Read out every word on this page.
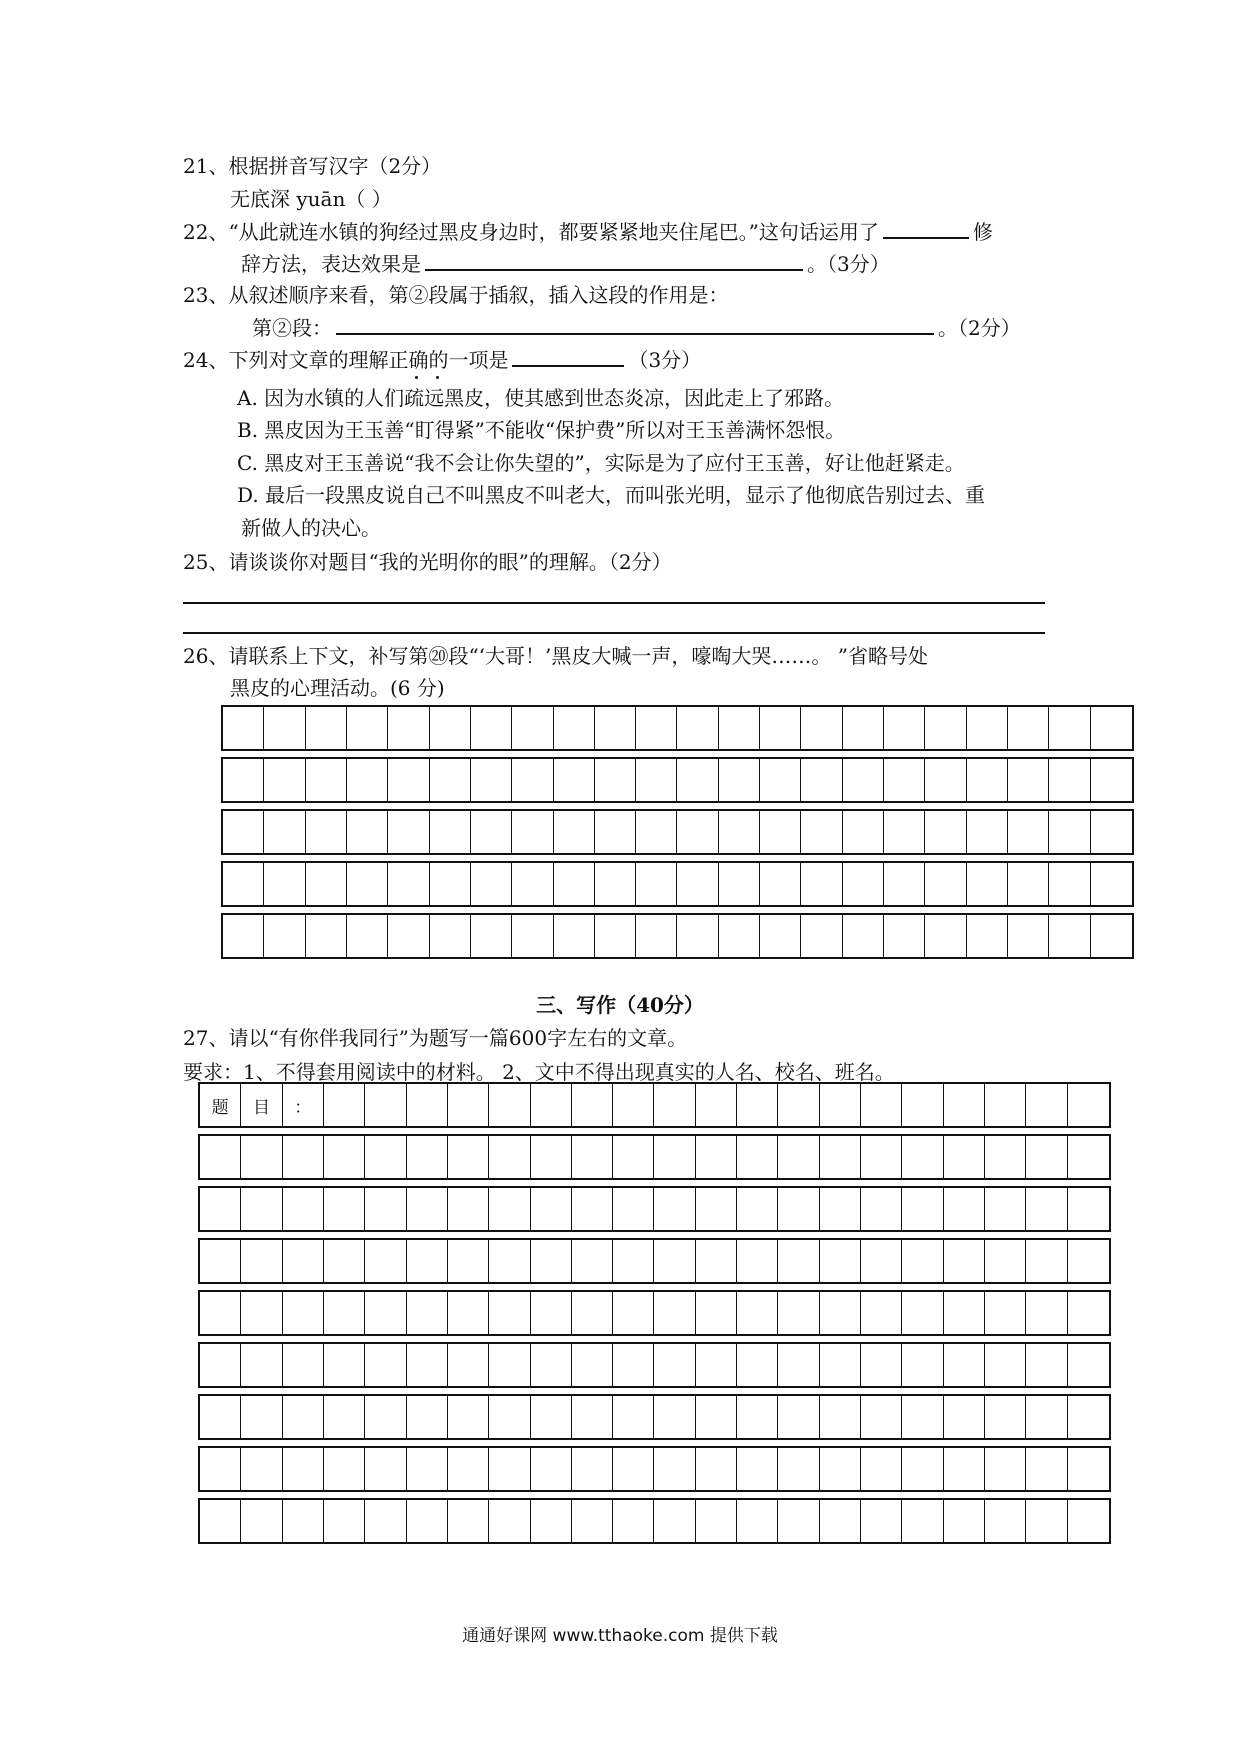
21、根据拼音写汉字（2分）
无底深 yuān（ ）
22、“从此就连水镇的狗经过黑皮身边时，都要紧紧地夹住尾巴。”这句话运用了	修
辞方法，表达效果是	。（3分）
23、从叙述顺序来看，第②段属于插叙，插入这段的作用是：
第②段：	。（2分）
24、下列对文章的理解正确的一项是	（3分）
A. 因为水镇的人们疏远黑皮，使其感到世态炎凉，因此走上了邪路。
B. 黑皮因为王玉善“盯得紧”不能收“保护费”所以对王玉善满怀怨恨。
C. 黑皮对王玉善说“我不会让你失望的”，实际是为了应付王玉善，好让他赶紧走。
D. 最后一段黑皮说自己不叫黑皮不叫老大，而叫张光明，显示了他彻底告别过去、重
新做人的决心。
25、请谈谈你对题目“我的光明你的眼”的理解。（2分）
26、请联系上下文，补写第⑳段“‘大哥！’黑皮大喊一声，嚎啕大哭……。 ”省略号处
黑皮的心理活动。(6 分)
三、写作（40分）
27、请以“有你伴我同行”为题写一篇600字左右的文章。
要求：1、不得套用阅读中的材料。 2、文中不得出现真实的人名、校名、班名。
题	目	：
通通好课网 www.tthaoke.com 提供下载
